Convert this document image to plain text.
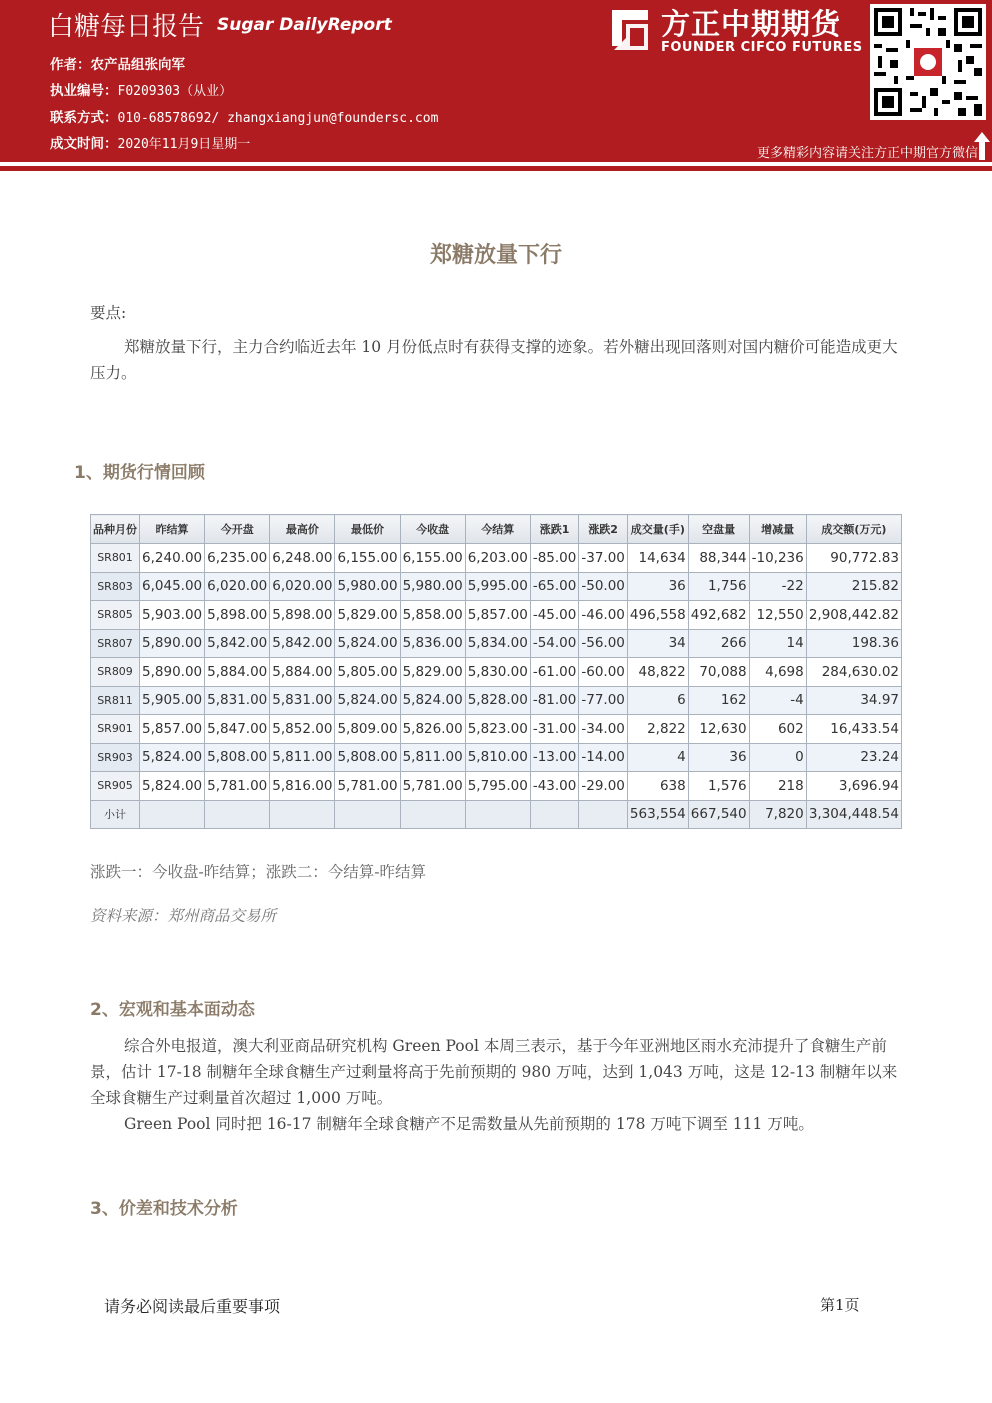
白糖每日报告 Sugar DailyReport
作者：农产品组张向军
执业编号：F0209303（从业）
联系方式：010-68578692/ zhangxiangjun@foundersc.com
成文时间：2020年11月9日星期一
方正中期期货
FOUNDER CIFCO FUTURES
更多精彩内容请关注方正中期官方微信
郑糖放量下行
要点:
郑糖放量下行，主力合约临近去年 10 月份低点时有获得支撑的迹象。若外糖出现回落则对国内糖价可能造成更大压力。
1、期货行情回顾
品种月份	昨结算	今开盘	最高价	最低价	今收盘	今结算	涨跌1	涨跌2	成交量(手)	空盘量	增减量	成交额(万元)
SR801	6,240.00	6,235.00	6,248.00	6,155.00	6,155.00	6,203.00	-85.00	-37.00	14,634	88,344	-10,236	90,772.83
SR803	6,045.00	6,020.00	6,020.00	5,980.00	5,980.00	5,995.00	-65.00	-50.00	36	1,756	-22	215.82
SR805	5,903.00	5,898.00	5,898.00	5,829.00	5,858.00	5,857.00	-45.00	-46.00	496,558	492,682	12,550	2,908,442.82
SR807	5,890.00	5,842.00	5,842.00	5,824.00	5,836.00	5,834.00	-54.00	-56.00	34	266	14	198.36
SR809	5,890.00	5,884.00	5,884.00	5,805.00	5,829.00	5,830.00	-61.00	-60.00	48,822	70,088	4,698	284,630.02
SR811	5,905.00	5,831.00	5,831.00	5,824.00	5,824.00	5,828.00	-81.00	-77.00	6	162	-4	34.97
SR901	5,857.00	5,847.00	5,852.00	5,809.00	5,826.00	5,823.00	-31.00	-34.00	2,822	12,630	602	16,433.54
SR903	5,824.00	5,808.00	5,811.00	5,808.00	5,811.00	5,810.00	-13.00	-14.00	4	36	0	23.24
SR905	5,824.00	5,781.00	5,816.00	5,781.00	5,781.00	5,795.00	-43.00	-29.00	638	1,576	218	3,696.94
小计									563,554	667,540	7,820	3,304,448.54
涨跌一：今收盘-昨结算；涨跌二：今结算-昨结算
资料来源：郑州商品交易所
2、宏观和基本面动态
综合外电报道，澳大利亚商品研究机构 Green Pool 本周三表示，基于今年亚洲地区雨水充沛提升了食糖生产前景，估计 17-18 制糖年全球食糖生产过剩量将高于先前预期的 980 万吨，达到 1,043 万吨，这是 12-13 制糖年以来全球食糖生产过剩量首次超过 1,000 万吨。
Green Pool 同时把 16-17 制糖年全球食糖产不足需数量从先前预期的 178 万吨下调至 111 万吨。
3、价差和技术分析
请务必阅读最后重要事项	第1页
